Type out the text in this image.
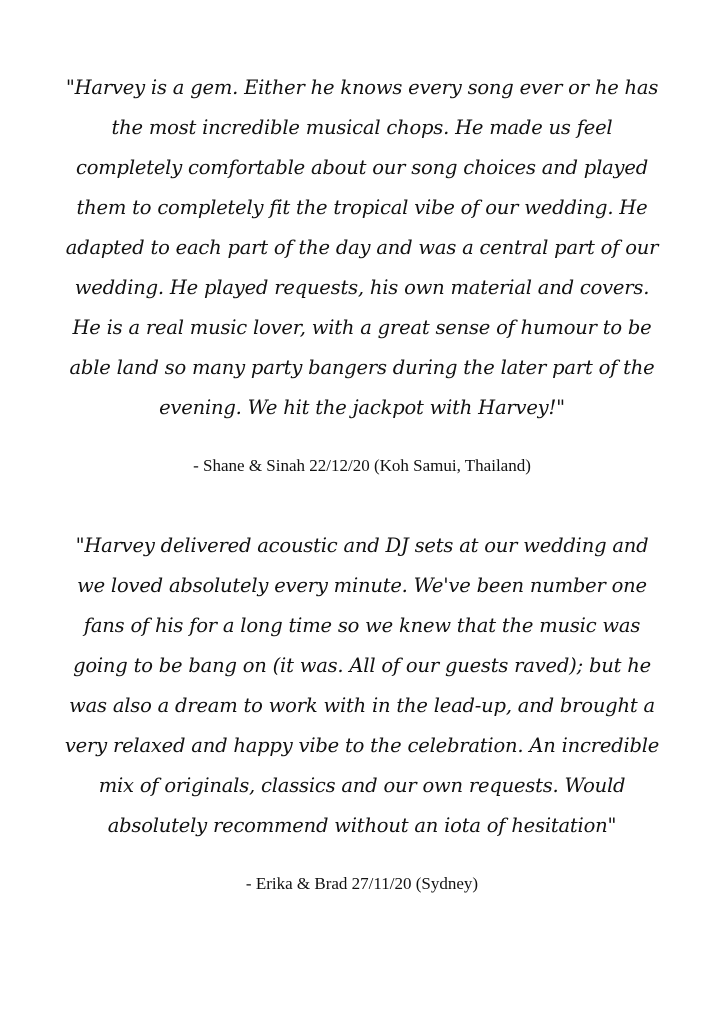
"Harvey is a gem. Either he knows every song ever or he has the most incredible musical chops. He made us feel completely comfortable about our song choices and played them to completely fit the tropical vibe of our wedding. He adapted to each part of the day and was a central part of our wedding. He played requests, his own material and covers. He is a real music lover, with a great sense of humour to be able land so many party bangers during the later part of the evening. We hit the jackpot with Harvey!"

- Shane & Sinah 22/12/20 (Koh Samui, Thailand)

"Harvey delivered acoustic and DJ sets at our wedding and we loved absolutely every minute. We've been number one fans of his for a long time so we knew that the music was going to be bang on (it was. All of our guests raved); but he was also a dream to work with in the lead-up, and brought a very relaxed and happy vibe to the celebration. An incredible mix of originals, classics and our own requests. Would absolutely recommend without an iota of hesitation"

- Erika & Brad 27/11/20 (Sydney)
